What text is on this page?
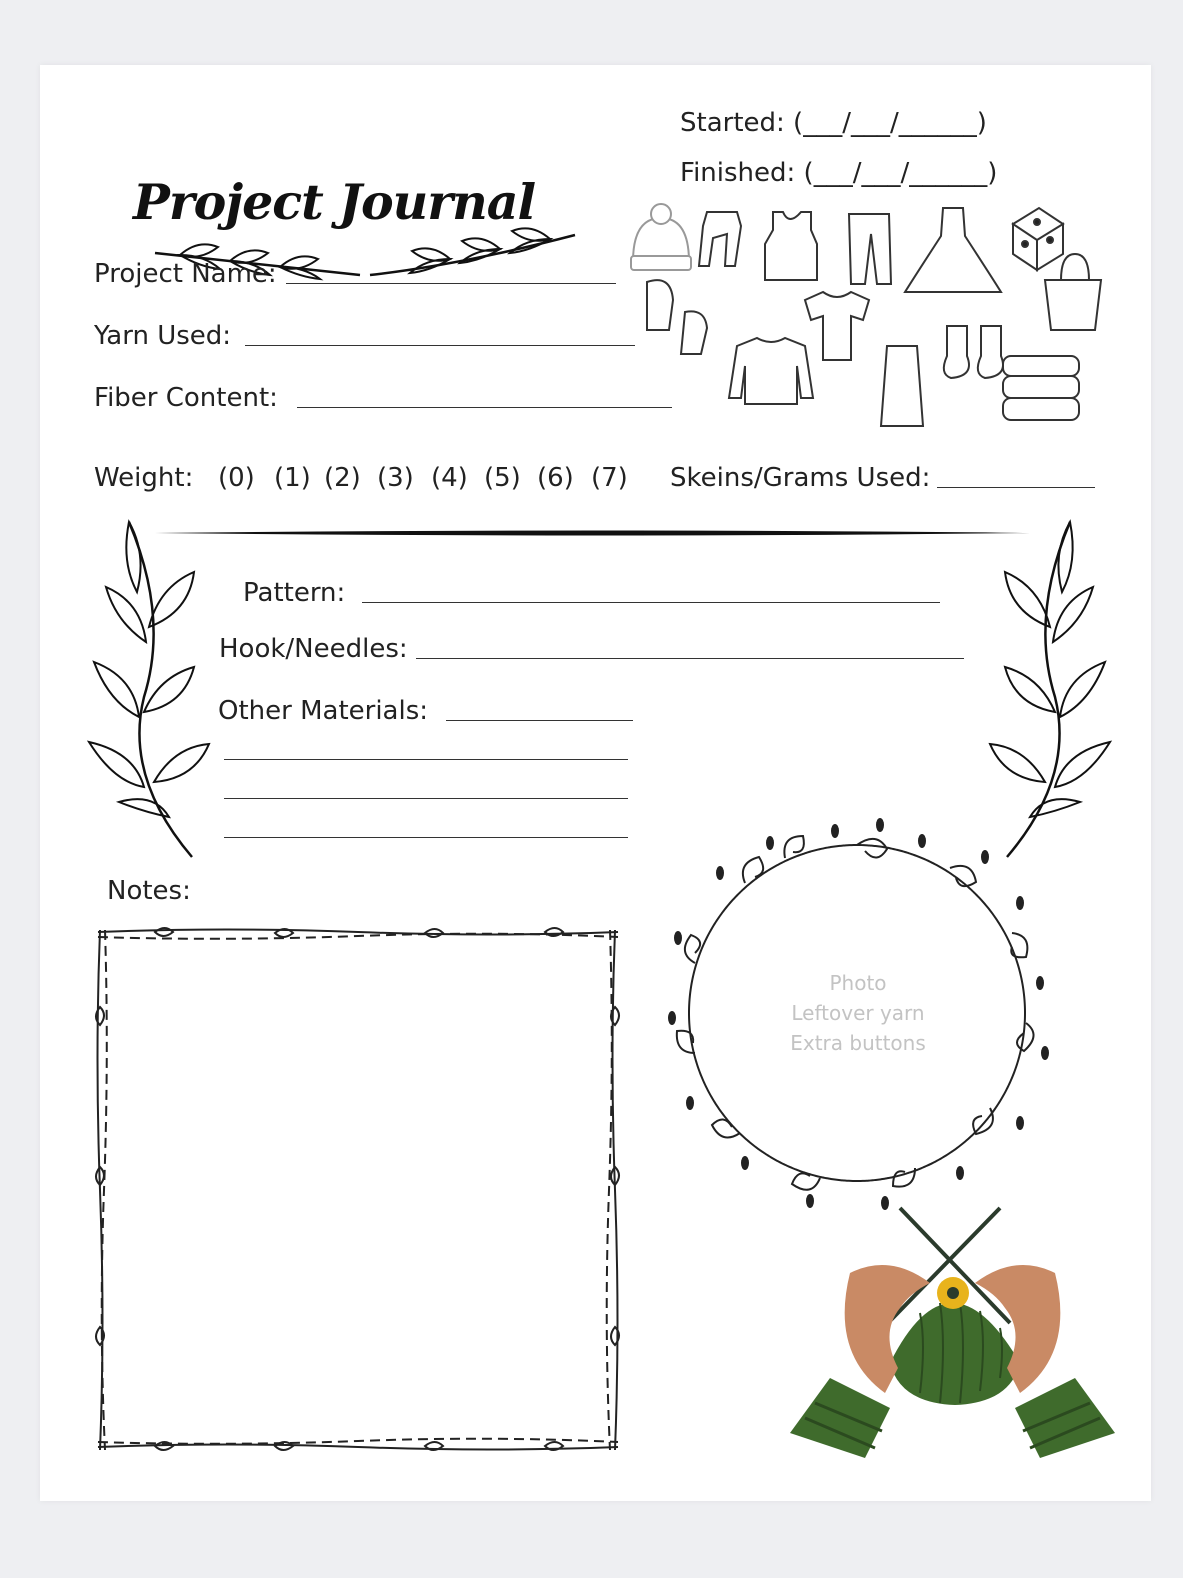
Project Journal
Started: (___/___/______)
Finished: (___/___/______)
Project Name:
Yarn Used:
Fiber Content:
Weight: (0) (1) (2) (3) (4) (5) (6) (7) Skeins/Grams Used:
Pattern:
Hook/Needles:
Other Materials:
Notes:
Photo
Leftover yarn
Extra buttons
